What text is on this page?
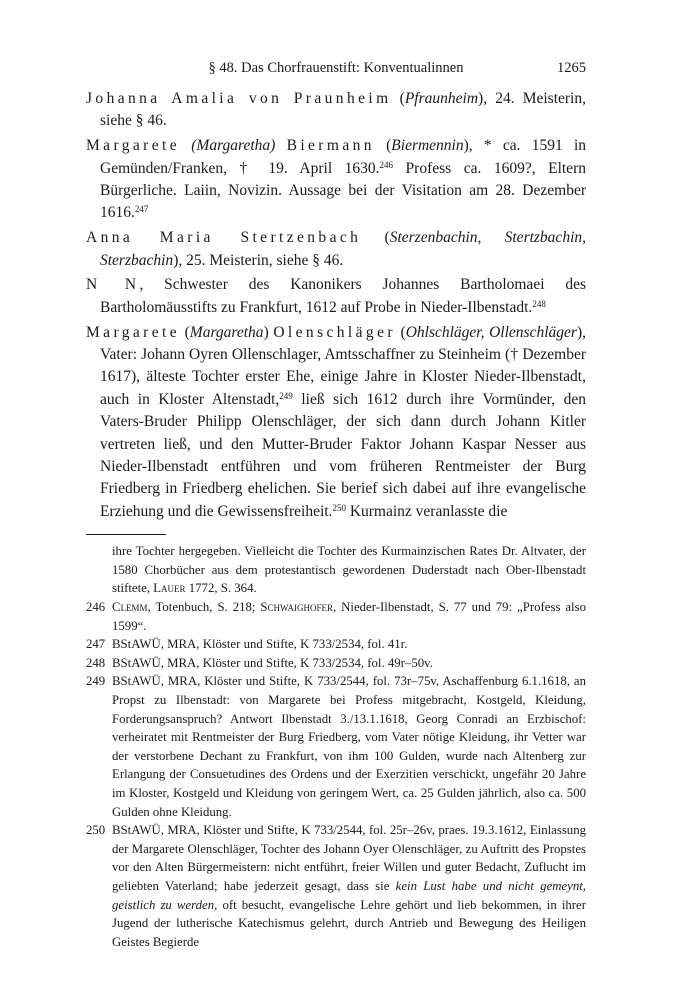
§ 48. Das Chorfrauenstift: Konventualinnen	1265

Johanna Amalia von Praunheim (Pfraunheim), 24. Meisterin, siehe § 46.

Margarete (Margaretha) Biermann (Biermennin), * ca. 1591 in Gemünden/Franken, † 19. April 1630.$^{246}$ Profess ca. 1609?, Eltern Bürgerliche. Laiin, Novizin. Aussage bei der Visitation am 28. Dezember 1616.$^{247}$

Anna Maria Stertzenbach (Sterzenbachin, Stertzbachin, Sterzbachin), 25. Meisterin, siehe § 46.

N N, Schwester des Kanonikers Johannes Bartholomaei des Bartholomäusstifts zu Frankfurt, 1612 auf Probe in Nieder-Ilbenstadt.$^{248}$

Margarete (Margaretha) Olenschläger (Ohlschläger, Ollenschläger), Vater: Johann Oyren Ollenschlager, Amtsschaffner zu Steinheim († Dezember 1617), älteste Tochter erster Ehe, einige Jahre in Kloster Nieder-Ilbenstadt, auch in Kloster Altenstadt,$^{249}$ ließ sich 1612 durch ihre Vormünder, den Vaters-Bruder Philipp Olenschläger, der sich dann durch Johann Kitler vertreten ließ, und den Mutter-Bruder Faktor Johann Kaspar Nesser aus Nieder-Ilbenstadt entführen und vom früheren Rentmeister der Burg Friedberg in Friedberg ehelichen. Sie berief sich dabei auf ihre evangelische Erziehung und die Gewissensfreiheit.$^{250}$ Kurmainz veranlasste die

ihre Tochter hergegeben. Vielleicht die Tochter des Kurmainzischen Rates Dr. Altvater, der 1580 Chorbücher aus dem protestantisch gewordenen Duderstadt nach Ober-Ilbenstadt stiftete, Lauer 1772, S. 364.

246 Clemm, Totenbuch, S. 218; Schwaighofer, Nieder-Ilbenstadt, S. 77 und 79: „Profess also 1599“.
247 BStAWÜ, MRA, Klöster und Stifte, K 733/2534, fol. 41r.
248 BStAWÜ, MRA, Klöster und Stifte, K 733/2534, fol. 49r–50v.
249 BStAWÜ, MRA, Klöster und Stifte, K 733/2544, fol. 73r–75v, Aschaffenburg 6.1.1618, an Propst zu Ilbenstadt: von Margarete bei Profess mitgebracht, Kostgeld, Kleidung, Forderungsanspruch? Antwort Ilbenstadt 3./13.1.1618, Georg Conradi an Erzbischof: verheiratet mit Rentmeister der Burg Friedberg, vom Vater nötige Kleidung, ihr Vetter war der verstorbene Dechant zu Frankfurt, von ihm 100 Gulden, wurde nach Altenberg zur Erlangung der Consuetudines des Ordens und der Exerzitien verschickt, ungefähr 20 Jahre im Kloster, Kostgeld und Kleidung von geringem Wert, ca. 25 Gulden jährlich, also ca. 500 Gulden ohne Kleidung.
250 BStAWÜ, MRA, Klöster und Stifte, K 733/2544, fol. 25r–26v, praes. 19.3.1612, Einlassung der Margarete Olenschläger, Tochter des Johann Oyer Olenschläger, zu Auftritt des Propstes vor den Alten Bürgermeistern: nicht entführt, freier Willen und guter Bedacht, Zuflucht im geliebten Vaterland; habe jederzeit gesagt, dass sie kein Lust habe und nicht gemeynt, geistlich zu werden, oft besucht, evangelische Lehre gehört und lieb bekommen, in ihrer Jugend der lutherische Katechismus gelehrt, durch Antrieb und Bewegung des Heiligen Geistes Begierde
